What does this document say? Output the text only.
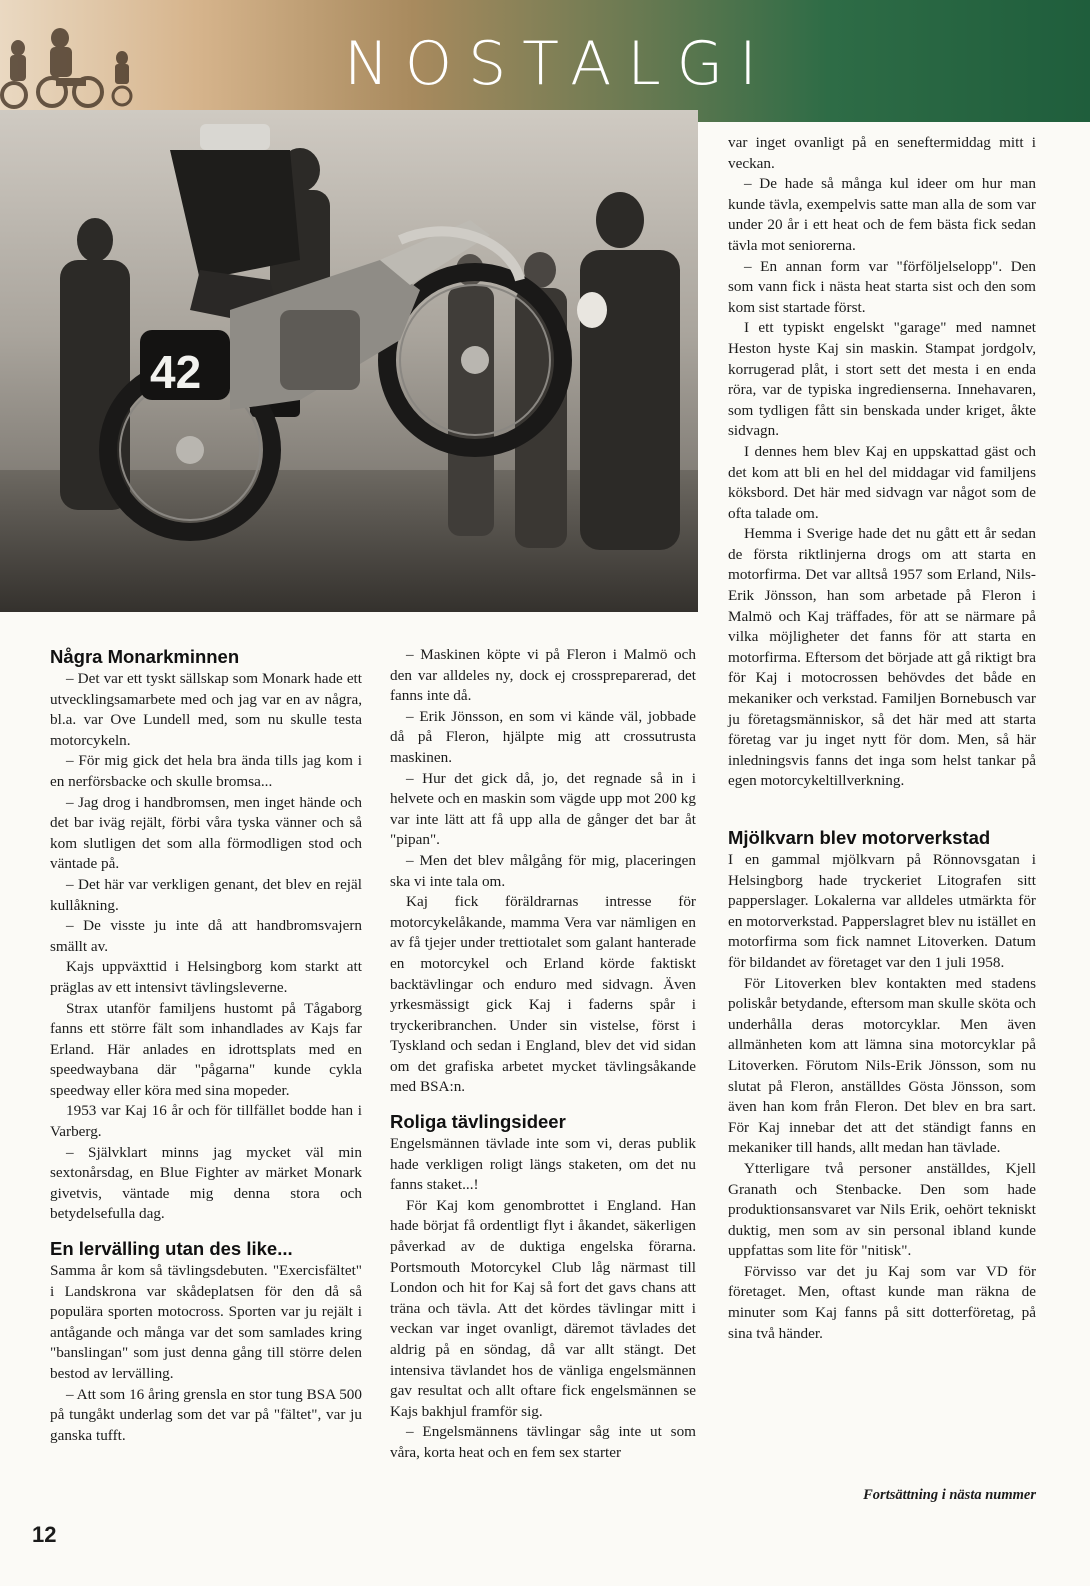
NOSTALGI
42
Några Monarkminnen

– Det var ett tyskt sällskap som Monark hade ett utvecklingsamarbete med och jag var en av några, bl.a. var Ove Lundell med, som nu skulle testa motorcykeln.

– För mig gick det hela bra ända tills jag kom i en nerförsbacke och skulle bromsa...

– Jag drog i handbromsen, men inget hände och det bar iväg rejält, förbi våra tyska vänner och så kom slutligen det som alla förmodligen stod och väntade på.

– Det här var verkligen genant, det blev en rejäl kullåkning.

– De visste ju inte då att handbromsvajern smällt av.

Kajs uppväxttid i Helsingborg kom starkt att präglas av ett intensivt tävlingsleverne.

Strax utanför familjens hustomt på Tågaborg fanns ett större fält som inhandlades av Kajs far Erland. Här anlades en idrottsplats med en speedwaybana där "pågarna" kunde cykla speedway eller köra med sina mopeder.

1953 var Kaj 16 år och för tillfället bodde han i Varberg.

– Självklart minns jag mycket väl min sextonårsdag, en Blue Fighter av märket Monark givetvis, väntade mig denna stora och betydelsefulla dag.

En lervälling utan des like...

Samma år kom så tävlingsdebuten. "Exercisfältet" i Landskrona var skådeplatsen för den då så populära sporten motocross. Sporten var ju rejält i antågande och många var det som samlades kring "banslingan" som just denna gång till större delen bestod av lervälling.

– Att som 16 åring grensla en stor tung BSA 500 på tungåkt underlag som det var på "fältet", var ju ganska tufft.

– Maskinen köpte vi på Fleron i Malmö och den var alldeles ny, dock ej crosspreparerad, det fanns inte då.

– Erik Jönsson, en som vi kände väl, jobbade då på Fleron, hjälpte mig att crossutrusta maskinen.

– Hur det gick då, jo, det regnade så in i helvete och en maskin som vägde upp mot 200 kg var inte lätt att få upp alla de gånger det bar åt "pipan".

– Men det blev målgång för mig, placeringen ska vi inte tala om.

Kaj fick föräldrarnas intresse för motorcykelåkande, mamma Vera var nämligen en av få tjejer under trettiotalet som galant hanterade en motorcykel och Erland körde faktiskt backtävlingar och enduro med sidvagn. Även yrkesmässigt gick Kaj i faderns spår i tryckeribranchen. Under sin vistelse, först i Tyskland och sedan i England, blev det vid sidan om det grafiska arbetet mycket tävlingsåkande med BSA:n.

Roliga tävlingsideer

Engelsmännen tävlade inte som vi, deras publik hade verkligen roligt längs staketen, om det nu fanns staket...!

För Kaj kom genombrottet i England. Han hade börjat få ordentligt flyt i åkandet, säkerligen påverkad av de duktiga engelska förarna. Portsmouth Motorcykel Club låg närmast till London och hit for Kaj så fort det gavs chans att träna och tävla. Att det kördes tävlingar mitt i veckan var inget ovanligt, däremot tävlades det aldrig på en söndag, då var allt stängt. Det intensiva tävlandet hos de vänliga engelsmännen gav resultat och allt oftare fick engelsmännen se Kajs bakhjul framför sig.

– Engelsmännens tävlingar såg inte ut som våra, korta heat och en fem sex starter

var inget ovanligt på en seneftermiddag mitt i veckan.

– De hade så många kul ideer om hur man kunde tävla, exempelvis satte man alla de som var under 20 år i ett heat och de fem bästa fick sedan tävla mot seniorerna.

– En annan form var "förföljelselopp". Den som vann fick i nästa heat starta sist och den som kom sist startade först.

I ett typiskt engelskt "garage" med namnet Heston hyste Kaj sin maskin. Stampat jordgolv, korrugerad plåt, i stort sett det mesta i en enda röra, var de typiska ingredienserna. Innehavaren, som tydligen fått sin benskada under kriget, åkte sidvagn.

I dennes hem blev Kaj en uppskattad gäst och det kom att bli en hel del middagar vid familjens köksbord. Det här med sidvagn var något som de ofta talade om.

Hemma i Sverige hade det nu gått ett år sedan de första riktlinjerna drogs om att starta en motorfirma. Det var alltså 1957 som Erland, Nils-Erik Jönsson, han som arbetade på Fleron i Malmö och Kaj träffades, för att se närmare på vilka möjligheter det fanns för att starta en motorfirma. Eftersom det började att gå riktigt bra för Kaj i motocrossen behövdes det både en mekaniker och verkstad. Familjen Bornebusch var ju företagsmänniskor, så det här med att starta företag var ju inget nytt för dom. Men, så här inledningsvis fanns det inga som helst tankar på egen motorcykeltillverkning.

Mjölkvarn blev motorverkstad

I en gammal mjölkvarn på Rönnovsgatan i Helsingborg hade tryckeriet Litografen sitt papperslager. Lokalerna var alldeles utmärkta för en motorverkstad. Papperslagret blev nu istället en motorfirma som fick namnet Litoverken. Datum för bildandet av företaget var den 1 juli 1958.

För Litoverken blev kontakten med stadens poliskår betydande, eftersom man skulle sköta och underhålla deras motorcyklar. Men även allmänheten kom att lämna sina motorcyklar på Litoverken. Förutom Nils-Erik Jönsson, som nu slutat på Fleron, anställdes Gösta Jönsson, som även han kom från Fleron. Det blev en bra sart. För Kaj innebar det att det ständigt fanns en mekaniker till hands, allt medan han tävlade.

Ytterligare två personer anställdes, Kjell Granath och Stenbacke. Den som hade produktionsansvaret var Nils Erik, oehört tekniskt duktig, men som av sin personal ibland kunde uppfattas som lite för "nitisk".

Förvisso var det ju Kaj som var VD för företaget. Men, oftast kunde man räkna de minuter som Kaj fanns på sitt dotterföretag, på sina två händer.

Fortsättning i nästa nummer
12
